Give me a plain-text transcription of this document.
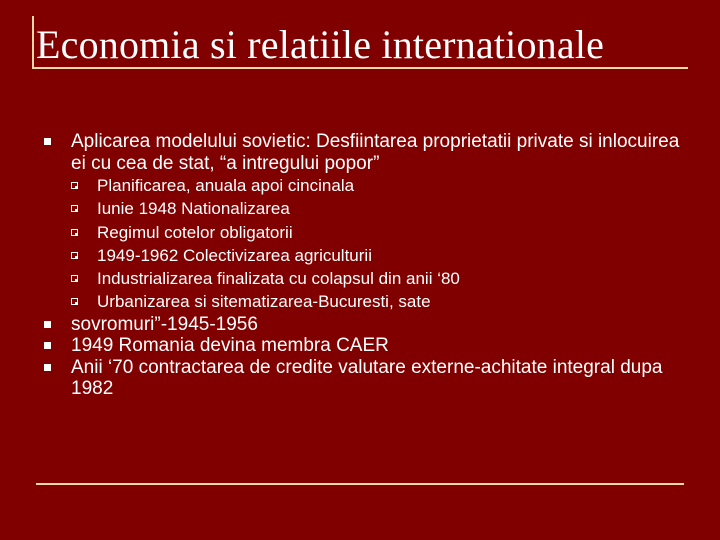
Economia si relatiile internationale
Aplicarea modelului sovietic: Desfiintarea proprietatii private si inlocuirea ei cu cea de stat, “a intregului popor”
Planificarea, anuala apoi cincinala
Iunie 1948 Nationalizarea
Regimul cotelor obligatorii
1949-1962 Colectivizarea agriculturii
Industrializarea finalizata cu colapsul din anii ‘80
Urbanizarea si sitematizarea-Bucuresti, sate
sovromuri”-1945-1956
1949 Romania devina membra CAER
Anii ‘70 contractarea de credite valutare externe-achitate integral dupa 1982
